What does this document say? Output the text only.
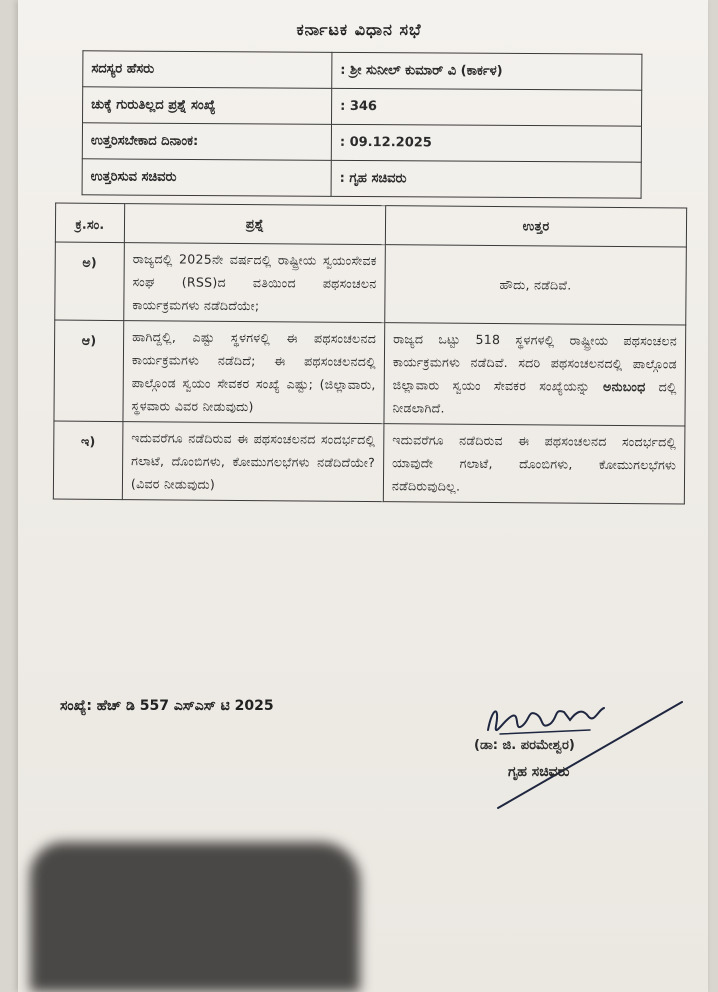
ಕರ್ನಾಟಕ ವಿಧಾನ ಸಭೆ
ಸದಸ್ಯರ ಹೆಸರು	: ಶ್ರೀ ಸುನೀಲ್ ಕುಮಾರ್ ವಿ (ಕಾರ್ಕಳ)
ಚುಕ್ಕೆ ಗುರುತಿಲ್ಲದ ಪ್ರಶ್ನೆ ಸಂಖ್ಯೆ	: 346
ಉತ್ತರಿಸಬೇಕಾದ ದಿನಾಂಕ:	: 09.12.2025
ಉತ್ತರಿಸುವ ಸಚಿವರು	: ಗೃಹ ಸಚಿವರು
ಕ್ರ.ಸಂ.	ಪ್ರಶ್ನೆ	ಉತ್ತರ
ಅ)	ರಾಜ್ಯದಲ್ಲಿ 2025ನೇ ವರ್ಷದಲ್ಲಿ ರಾಷ್ಟ್ರೀಯ ಸ್ವಯಂಸೇವಕ ಸಂಘ (RSS)ದ ವತಿಯಿಂದ ಪಥಸಂಚಲನ ಕಾರ್ಯಕ್ರಮಗಳು ನಡೆದಿದೆಯೇ;	ಹೌದು, ನಡೆದಿವೆ.
ಆ)	ಹಾಗಿದ್ದಲ್ಲಿ, ಎಷ್ಟು ಸ್ಥಳಗಳಲ್ಲಿ ಈ ಪಥಸಂಚಲನದ ಕಾರ್ಯಕ್ರಮಗಳು ನಡೆದಿದೆ; ಈ ಪಥಸಂಚಲನದಲ್ಲಿ ಪಾಲ್ಗೊಂಡ ಸ್ವಯಂ ಸೇವಕರ ಸಂಖ್ಯೆ ಎಷ್ಟು; (ಜಿಲ್ಲಾವಾರು, ಸ್ಥಳವಾರು ವಿವರ ನೀಡುವುದು)	ರಾಜ್ಯದ ಒಟ್ಟು 518 ಸ್ಥಳಗಳಲ್ಲಿ ರಾಷ್ಟ್ರೀಯ ಪಥಸಂಚಲನ ಕಾರ್ಯಕ್ರಮಗಳು ನಡೆದಿವೆ. ಸದರಿ ಪಥಸಂಚಲನದಲ್ಲಿ ಪಾಲ್ಗೊಂಡ ಜಿಲ್ಲಾವಾರು ಸ್ವಯಂ ಸೇವಕರ ಸಂಖ್ಯೆಯನ್ನು ಅನುಬಂಧ ದಲ್ಲಿ ನೀಡಲಾಗಿದೆ.
ಇ)	ಇದುವರೆಗೂ ನಡೆದಿರುವ ಈ ಪಥಸಂಚಲನದ ಸಂದರ್ಭದಲ್ಲಿ ಗಲಾಟೆ, ದೊಂಬಿಗಳು, ಕೋಮುಗಲಭೆಗಳು ನಡೆದಿದೆಯೇ? (ವಿವರ ನೀಡುವುದು)	ಇದುವರೆಗೂ ನಡೆದಿರುವ ಈ ಪಥಸಂಚಲನದ ಸಂದರ್ಭದಲ್ಲಿ ಯಾವುದೇ ಗಲಾಟೆ, ದೊಂಬಿಗಳು, ಕೋಮುಗಲಭೆಗಳು ನಡೆದಿರುವುದಿಲ್ಲ.
ಸಂಖ್ಯೆ: ಹೆಚ್ ಡಿ 557 ಎಸ್ಎಸ್ ಟಿ 2025
(ಡಾ: ಜಿ. ಪರಮೇಶ್ವರ)
ಗೃಹ ಸಚಿವರು
